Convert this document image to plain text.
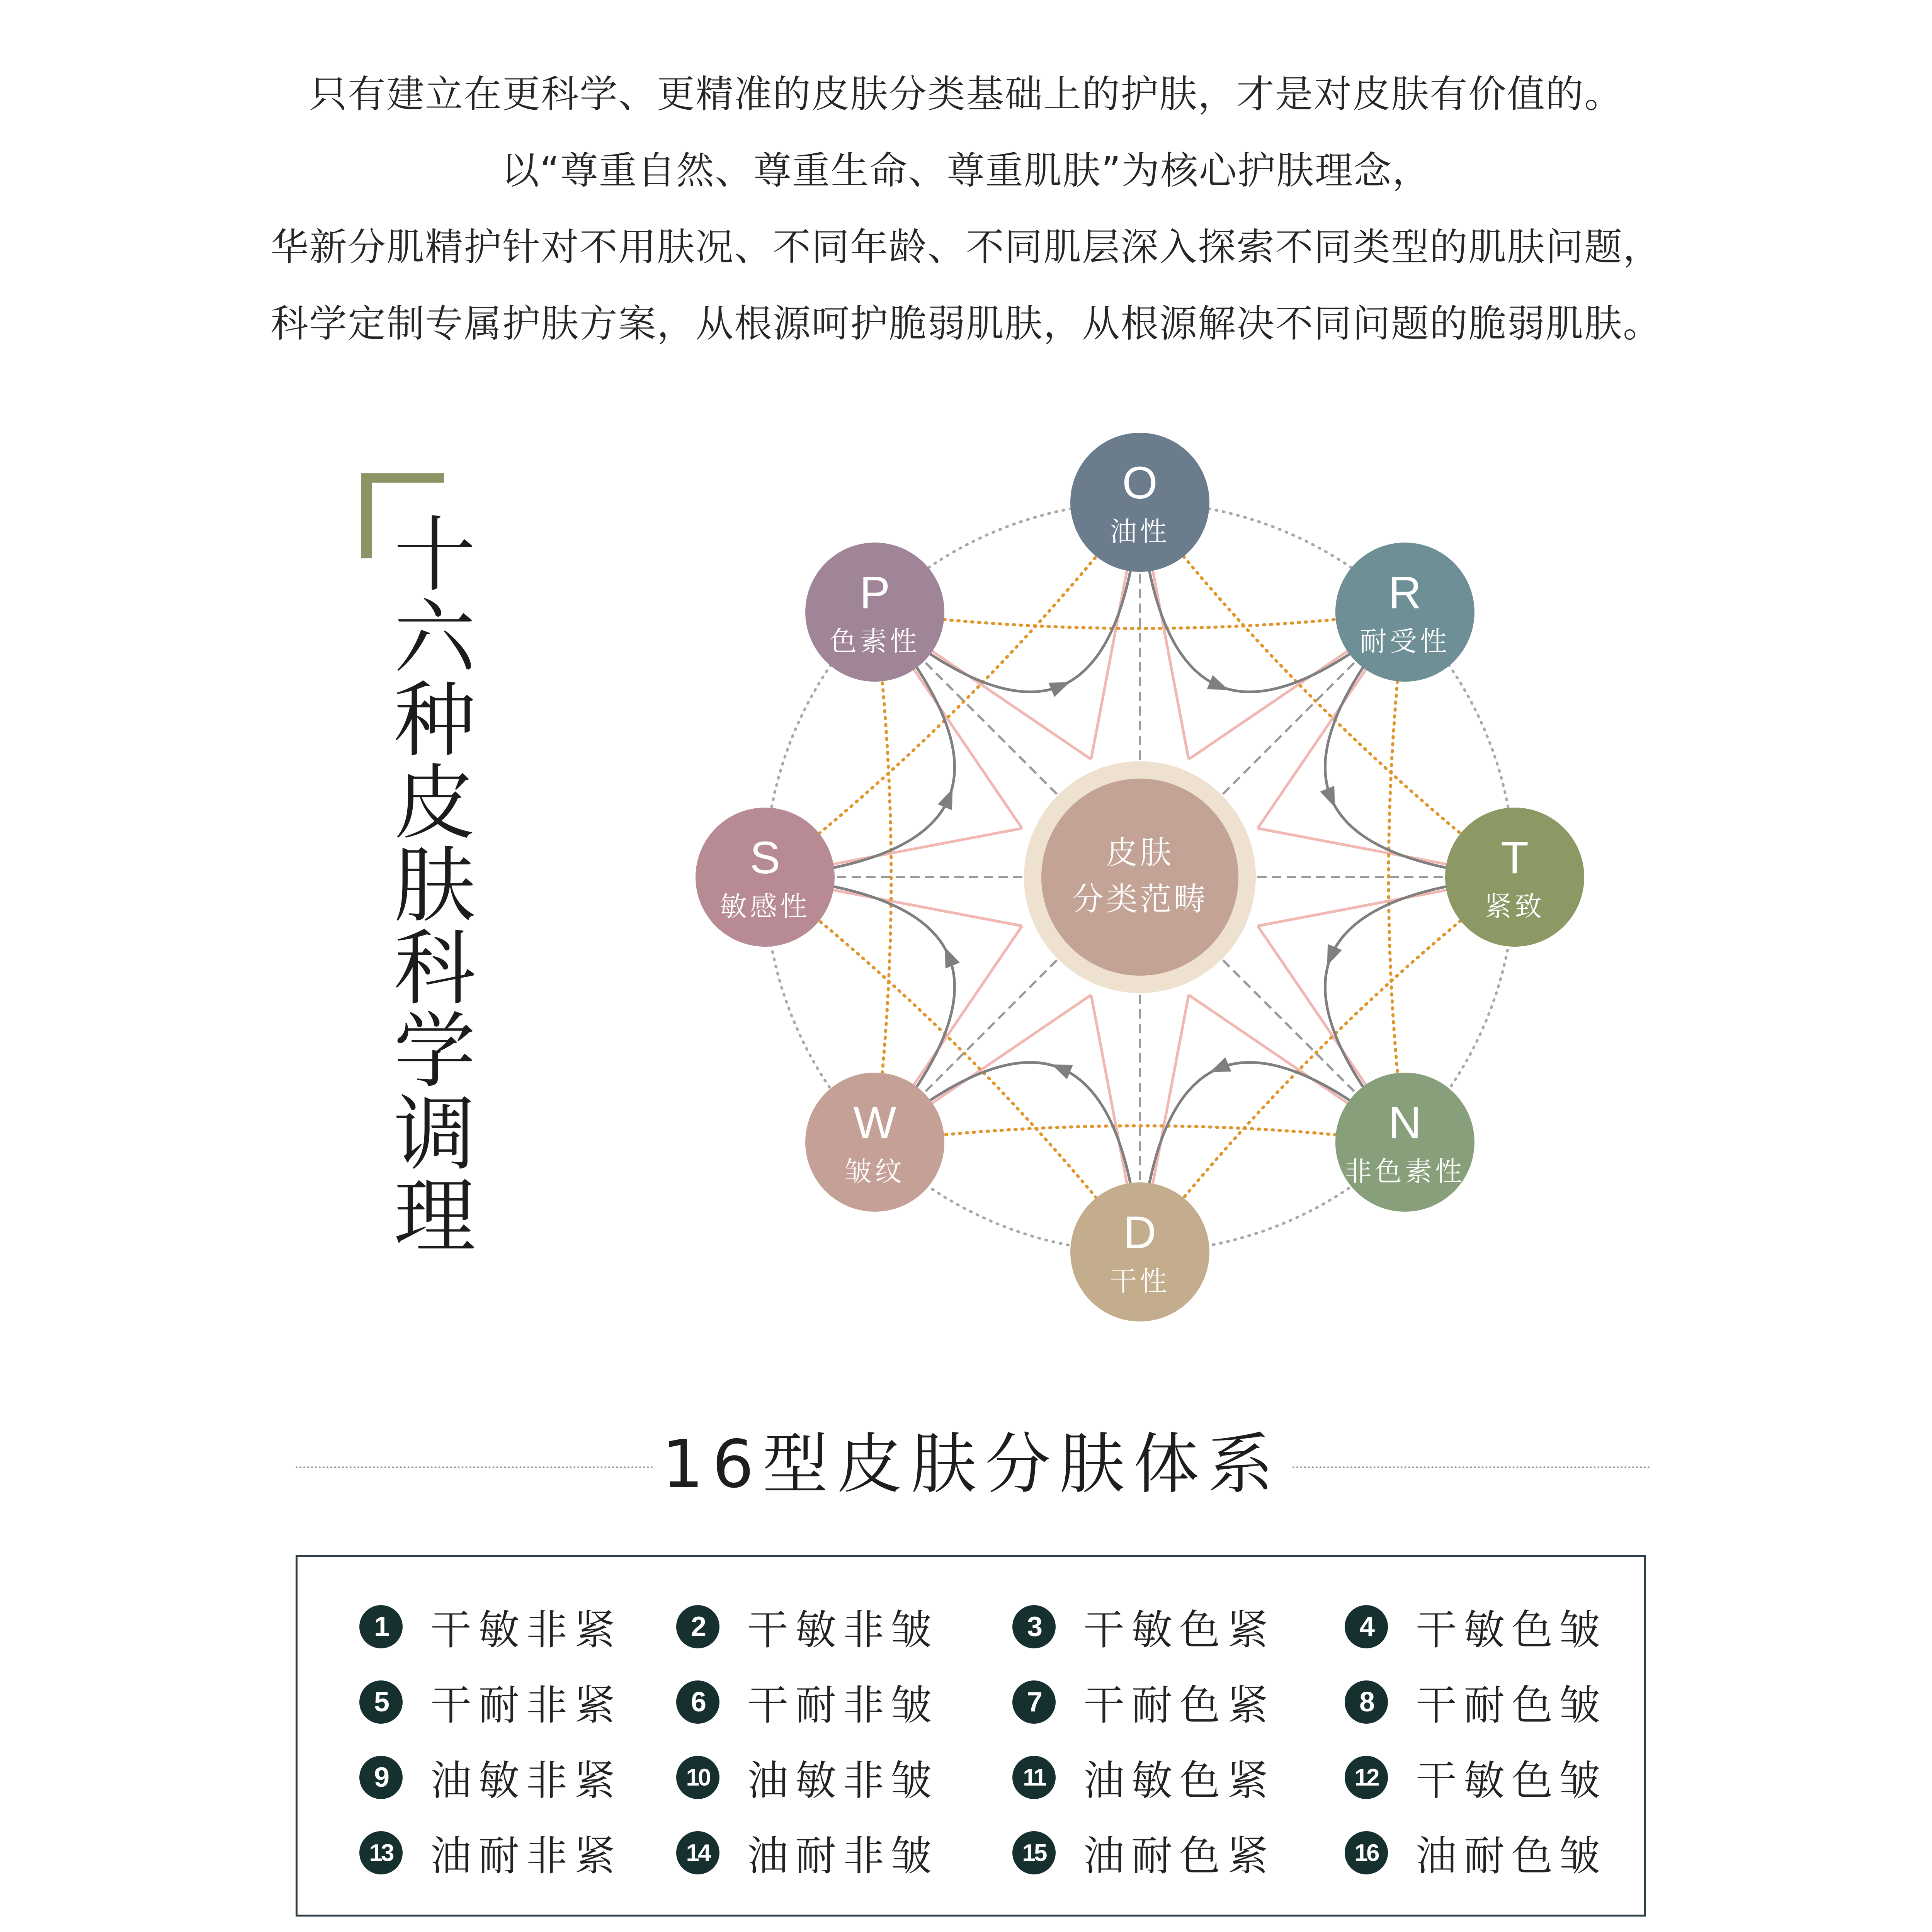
只有建立在更科学、更精准的皮肤分类基础上的护肤，才是对皮肤有价值的。

以“尊重自然、尊重生命、尊重肌肤”为核心护肤理念，

华新分肌精护针对不用肤况、不同年龄、不同肌层深入探索不同类型的肌肤问题，

科学定制专属护肤方案，从根源呵护脆弱肌肤，从根源解决不同问题的脆弱肌肤。

十六种皮肤科学调理
皮肤
分类范畴
O
油性
R
耐受性
T
紧致
N
非色素性
D
干性
W
皱纹
S
敏感性
P
色素性
16型皮肤分肤体系
1	干敏非紧	2	干敏非皱	3	干敏色紧	4	干敏色皱
5	干耐非紧	6	干耐非皱	7	干耐色紧	8	干耐色皱
9	油敏非紧	10 油敏非皱	11 油敏色紧	12 干敏色皱
13 油耐非紧	14 油耐非皱	15 油耐色紧	16 油耐色皱
